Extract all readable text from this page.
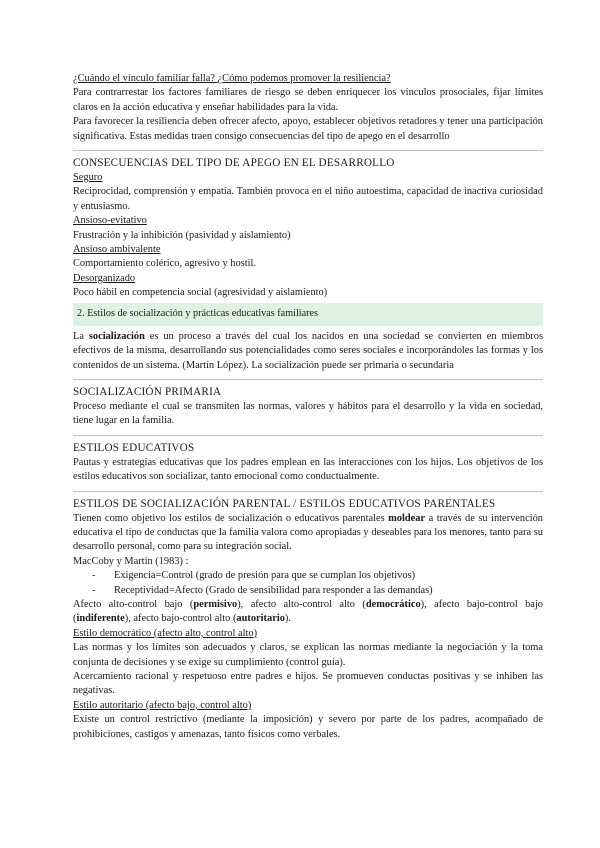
¿Cuándo el vínculo familiar falla? ¿Cómo podemos promover la resiliencia?

Para contrarrestar los factores familiares de riesgo se deben enriquecer los vínculos prosociales, fijar límites claros en la acción educativa y enseñar habilidades para la vida.

Para favorecer la resiliencia deben ofrecer afecto, apoyo, establecer objetivos retadores y tener una participación significativa. Estas medidas traen consigo consecuencias del tipo de apego en el desarrollo

CONSECUENCIAS DEL TIPO DE APEGO EN EL DESARROLLO

Seguro

Reciprocidad, comprensión y empatía. También provoca en el niño autoestima, capacidad de inactiva curiosidad y entusiasmo.

Ansioso-evitativo

Frustración y la inhibición (pasividad y aislamiento)

Ansioso ambivalente

Comportamiento colérico, agresivo y hostil.

Desorganizado

Poco hábil en competencia social (agresividad y aislamiento)

2. Estilos de socialización y prácticas educativas familiares

La socialización es un proceso a través del cual los nacidos en una sociedad se convierten en miembros efectivos de la misma, desarrollando sus potencialidades como seres sociales e incorporándoles las formas y los contenidos de un sistema. (Martín López). La socialización puede ser primaria o secundaria

SOCIALIZACIÓN PRIMARIA

Proceso mediante el cual se transmiten las normas, valores y hábitos para el desarrollo y la vida en sociedad, tiene lugar en la familia.

ESTILOS EDUCATIVOS

Pautas y estrategias educativas que los padres emplean en las interacciones con los hijos. Los objetivos de los estilos educativos son socializar, tanto emocional como conductualmente.

ESTILOS DE SOCIALIZACIÓN PARENTAL / ESTILOS EDUCATIVOS PARENTALES

Tienen como objetivo los estilos de socialización o educativos parentales moldear a través de su intervención educativa el tipo de conductas que la familia valora como apropiadas y deseables para los menores, tanto para su desarrollo personal, como para su integración social.

MacCoby y Martin (1983) :

-	Exigencia=Control (grado de presión para que se cumplan los objetivos)
-	Receptividad=Afecto (Grado de sensibilidad para responder a las demandas)

Afecto alto-control bajo (permisivo), afecto alto-control alto (democrático), afecto bajo-control bajo (indiferente), afecto bajo-control alto (autoritario).

Estilo democrático (afecto alto, control alto)

Las normas y los límites son adecuados y claros, se explican las normas mediante la negociación y la toma conjunta de decisiones y se exige su cumplimiento (control guía).

Acercamiento racional y respetuoso entre padres e hijos. Se promueven conductas positivas y se inhiben las negativas.

Estilo autoritario (afecto bajo, control alto)

Existe un control restrictivo (mediante la imposición) y severo por parte de los padres, acompañado de prohibiciones, castigos y amenazas, tanto físicos como verbales.
